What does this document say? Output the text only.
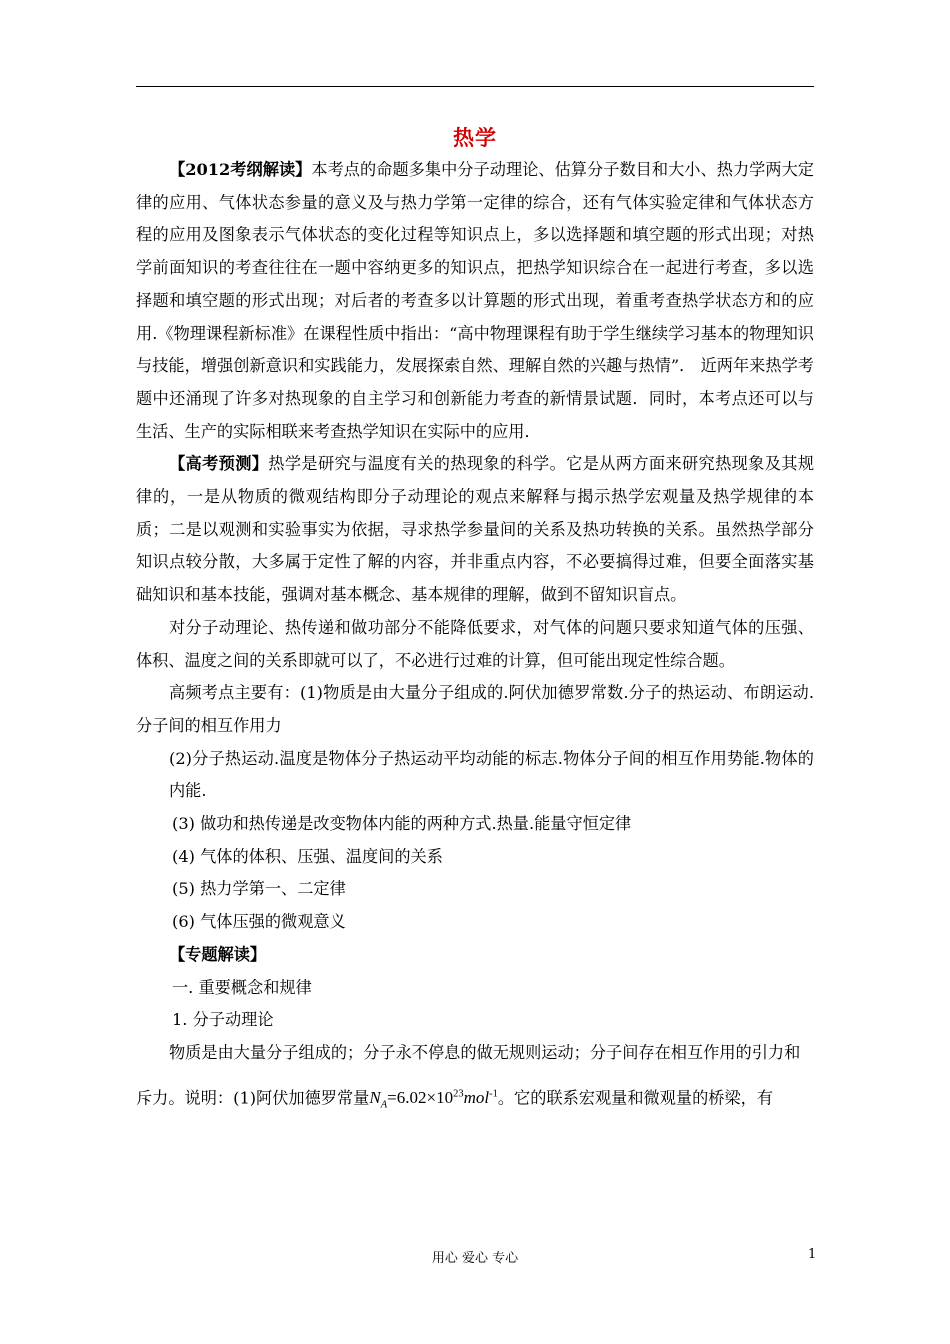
热学

【2012考纲解读】本考点的命题多集中分子动理论、估算分子数目和大小、热力学两大定律的应用、气体状态参量的意义及与热力学第一定律的综合，还有气体实验定律和气体状态方程的应用及图象表示气体状态的变化过程等知识点上，多以选择题和填空题的形式出现；对热学前面知识的考查往往在一题中容纳更多的知识点，把热学知识综合在一起进行考查，多以选择题和填空题的形式出现；对后者的考查多以计算题的形式出现，着重考查热学状态方和的应用.《物理课程新标准》在课程性质中指出：“高中物理课程有助于学生继续学习基本的物理知识与技能，增强创新意识和实践能力，发展探索自然、理解自然的兴趣与热情”． 近两年来热学考题中还涌现了许多对热现象的自主学习和创新能力考查的新情景试题．同时，本考点还可以与生活、生产的实际相联来考查热学知识在实际中的应用．

【高考预测】热学是研究与温度有关的热现象的科学。它是从两方面来研究热现象及其规律的，一是从物质的微观结构即分子动理论的观点来解释与揭示热学宏观量及热学规律的本质；二是以观测和实验事实为依据，寻求热学参量间的关系及热功转换的关系。虽然热学部分知识点较分散，大多属于定性了解的内容，并非重点内容，不必要搞得过难，但要全面落实基础知识和基本技能，强调对基本概念、基本规律的理解，做到不留知识盲点。

对分子动理论、热传递和做功部分不能降低要求，对气体的问题只要求知道气体的压强、体积、温度之间的关系即就可以了，不必进行过难的计算，但可能出现定性综合题。

高频考点主要有：(1)物质是由大量分子组成的.阿伏加德罗常数.分子的热运动、布朗运动.分子间的相互作用力

(2)分子热运动.温度是物体分子热运动平均动能的标志.物体分子间的相互作用势能.物体的内能.

(3) 做功和热传递是改变物体内能的两种方式.热量.能量守恒定律

(4) 气体的体积、压强、温度间的关系

(5) 热力学第一、二定律

(6) 气体压强的微观意义

【专题解读】

一. 重要概念和规律

1. 分子动理论

物质是由大量分子组成的；分子永不停息的做无规则运动；分子间存在相互作用的引力和

斥力。说明：(1)阿伏加德罗常量$N_A=6.02\times 10^{23}mol^{-1}$。它的联系宏观量和微观量的桥梁，有

用心 爱心 专心	1
